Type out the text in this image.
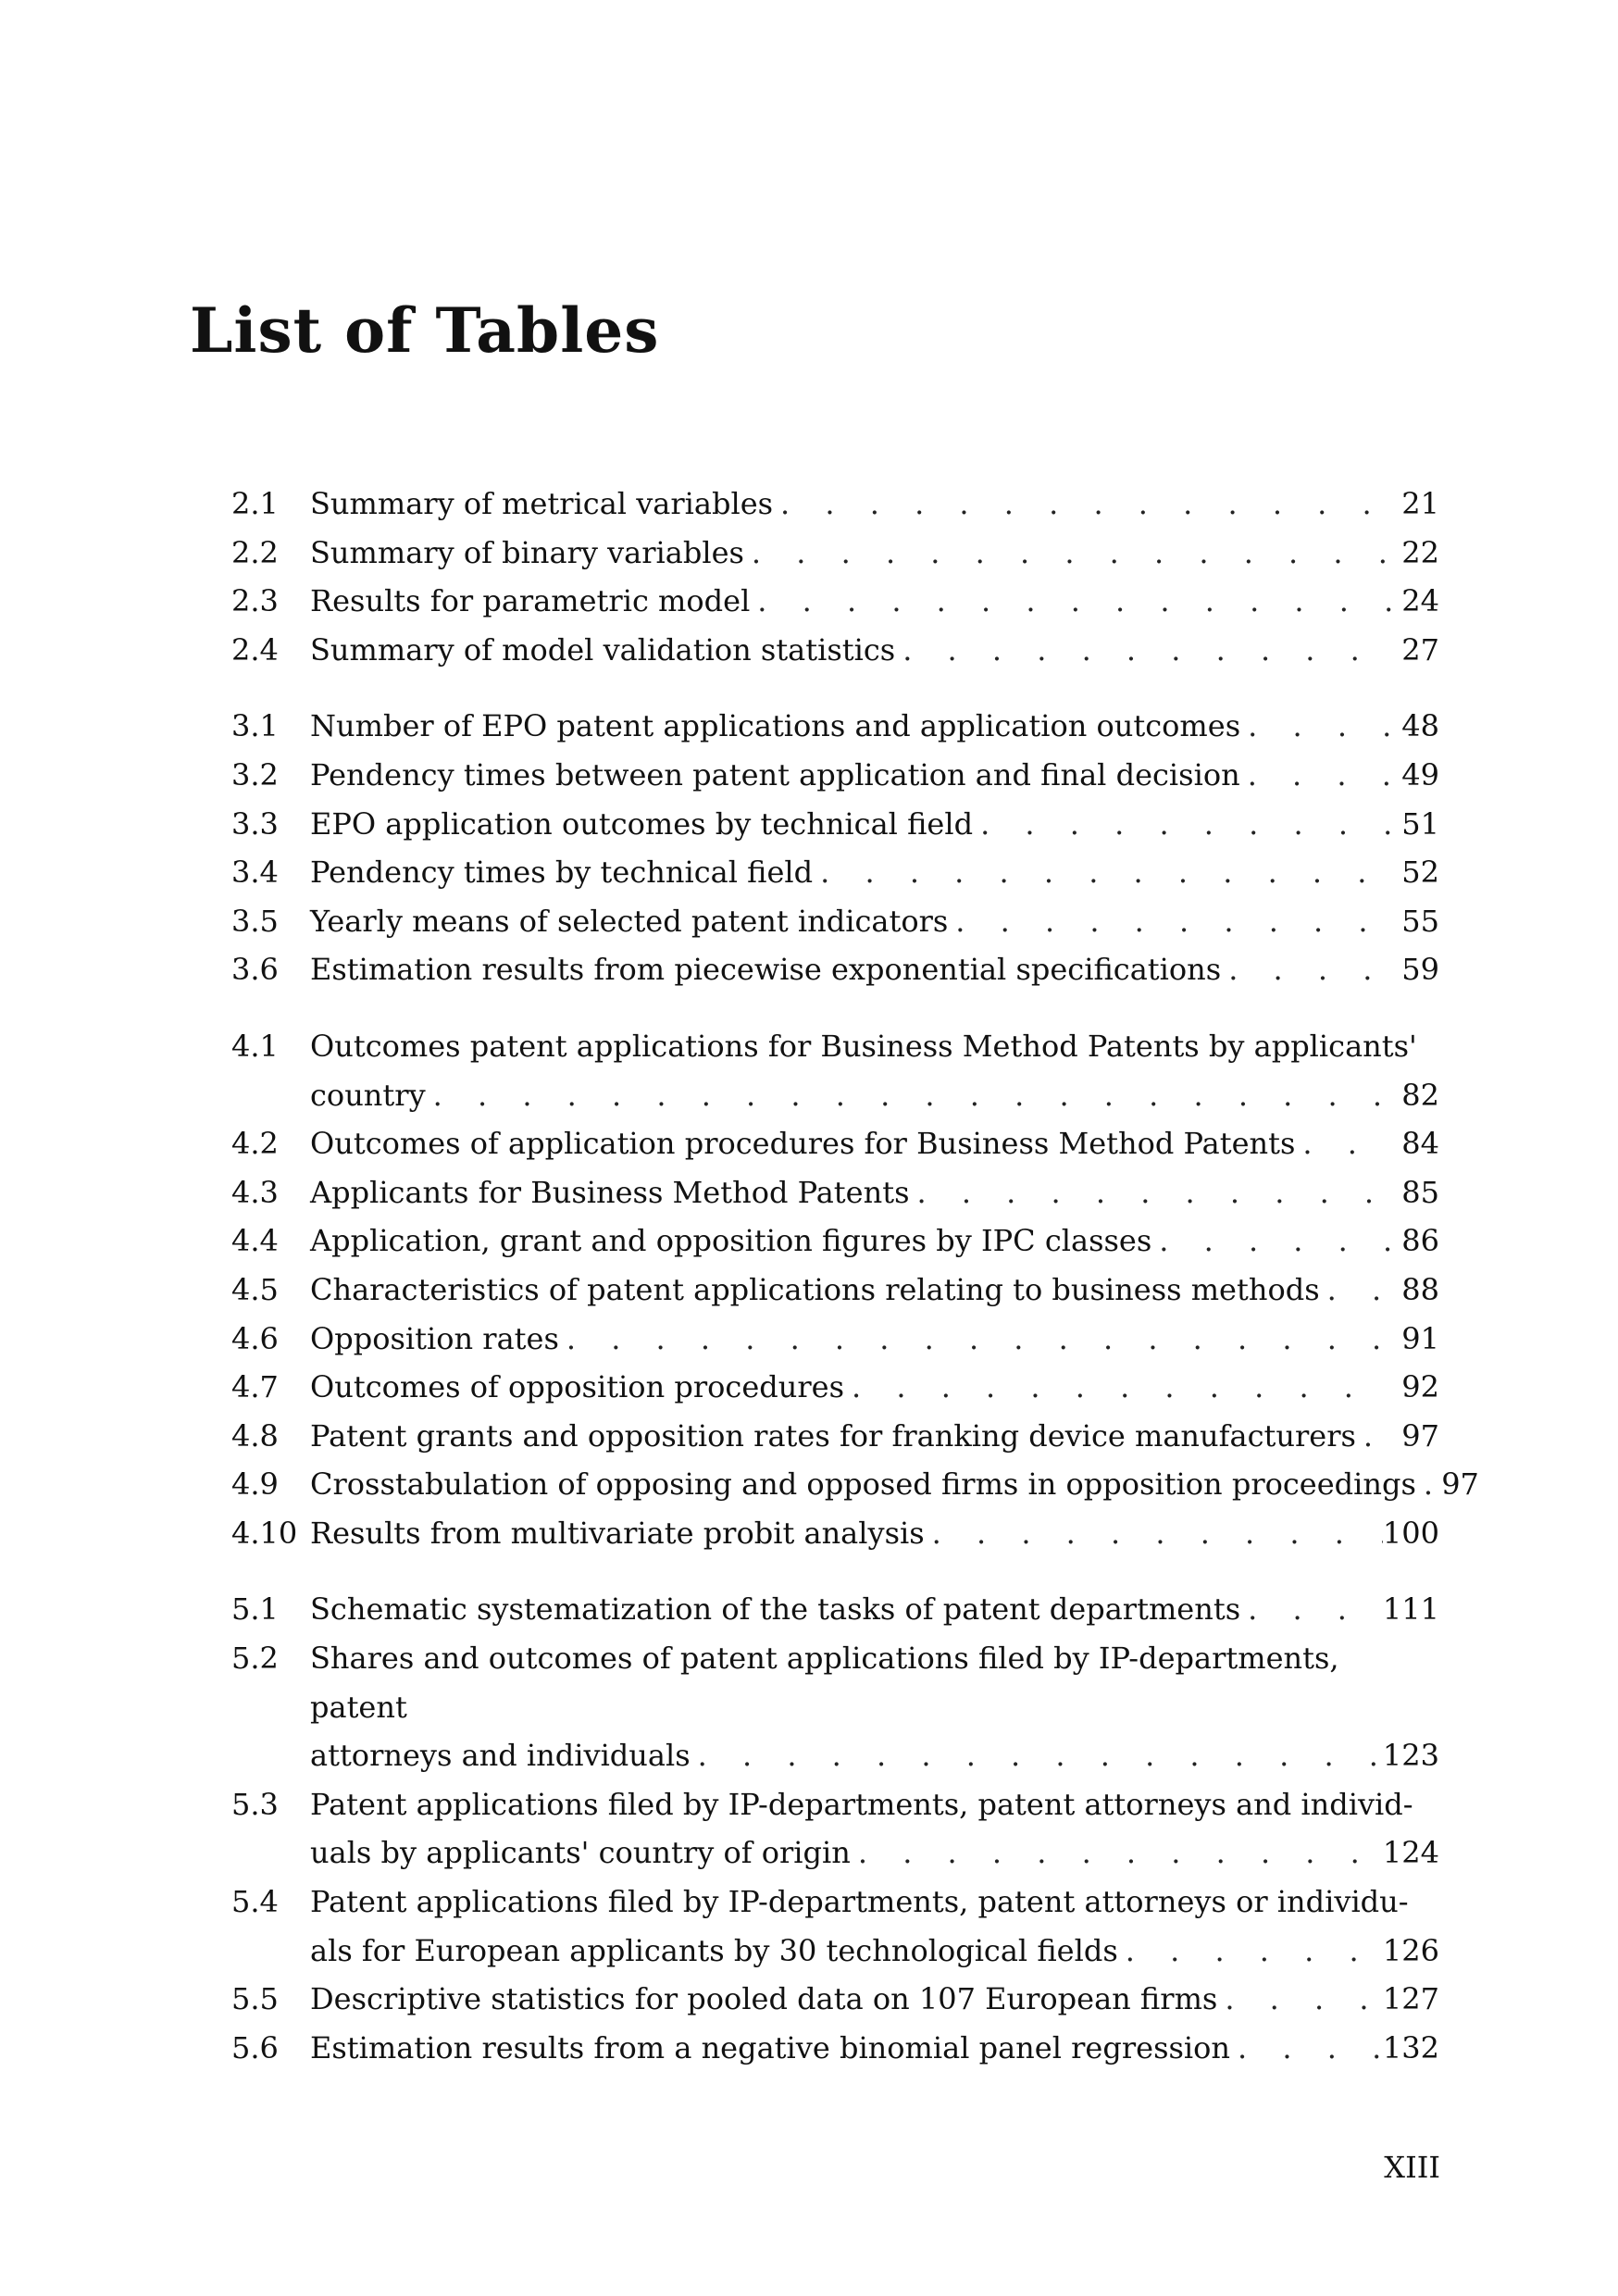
List of Tables
2.1	Summary of metrical variables . . .	21
2.2	Summary of binary variables . . .	22
2.3	Results for parametric model . . .	24
2.4	Summary of model validation statistics . . .	27
3.1	Number of EPO patent applications and application outcomes . . .	48
3.2	Pendency times between patent application and final decision . . .	49
3.3	EPO application outcomes by technical field . . .	51
3.4	Pendency times by technical field . . .	52
3.5	Yearly means of selected patent indicators . . .	55
3.6	Estimation results from piecewise exponential specifications . . .	59
4.1	Outcomes patent applications for Business Method Patents by applicants'
country . . .	82
4.2	Outcomes of application procedures for Business Method Patents . . .	84
4.3	Applicants for Business Method Patents . . .	85
4.4	Application, grant and opposition figures by IPC classes . . .	86
4.5	Characteristics of patent applications relating to business methods . . .	88
4.6	Opposition rates . . .	91
4.7	Outcomes of opposition procedures . . .	92
4.8	Patent grants and opposition rates for franking device manufacturers . . .	97
4.9	Crosstabulation of opposing and opposed firms in opposition proceedings . . . 97
4.10 Results from multivariate probit analysis . . .	100
5.1	Schematic systematization of the tasks of patent departments . . .	111
5.2	Shares and outcomes of patent applications filed by IP-departments, patent
attorneys and individuals . . .	123
5.3	Patent applications filed by IP-departments, patent attorneys and individ-
uals by applicants' country of origin . . .	124
5.4	Patent applications filed by IP-departments, patent attorneys or individu-
als for European applicants by 30 technological fields . . .	126
5.5	Descriptive statistics for pooled data on 107 European firms . . .	127
5.6	Estimation results from a negative binomial panel regression . . .	132
XIII
